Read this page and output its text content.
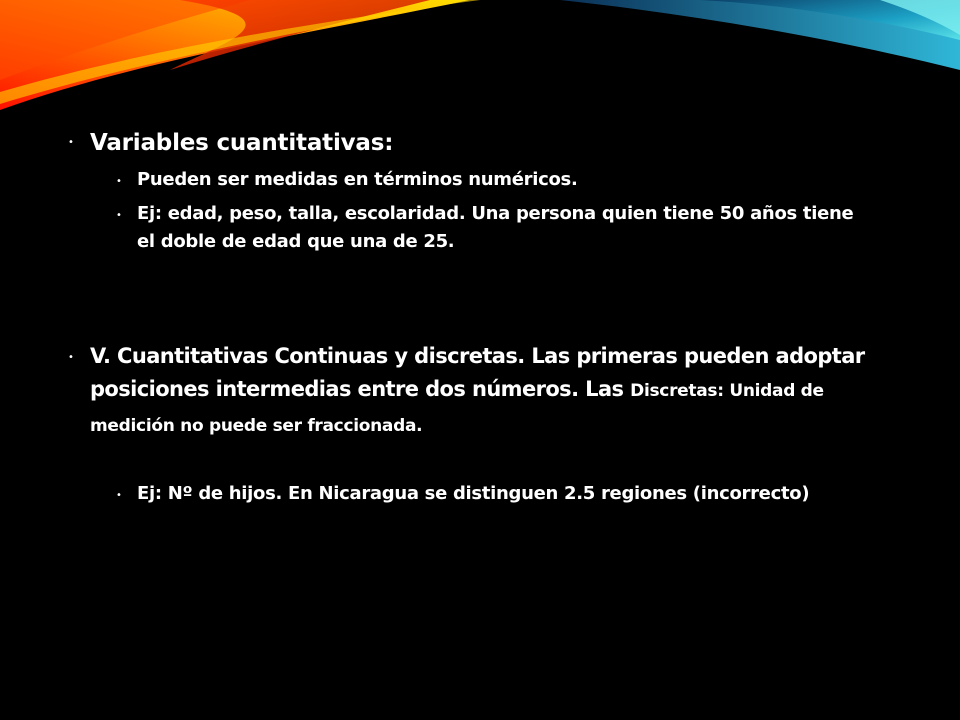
• Variables cuantitativas:
• Pueden ser medidas en términos numéricos.
• Ej: edad, peso, talla, escolaridad. Una persona quien tiene 50 años tiene el doble de edad que una de 25.
• V. Cuantitativas Continuas y discretas. Las primeras pueden adoptar posiciones intermedias entre dos números. Las Discretas: Unidad de medición no puede ser fraccionada.
• Ej: Nº de hijos. En Nicaragua se distinguen 2.5 regiones (incorrecto)
